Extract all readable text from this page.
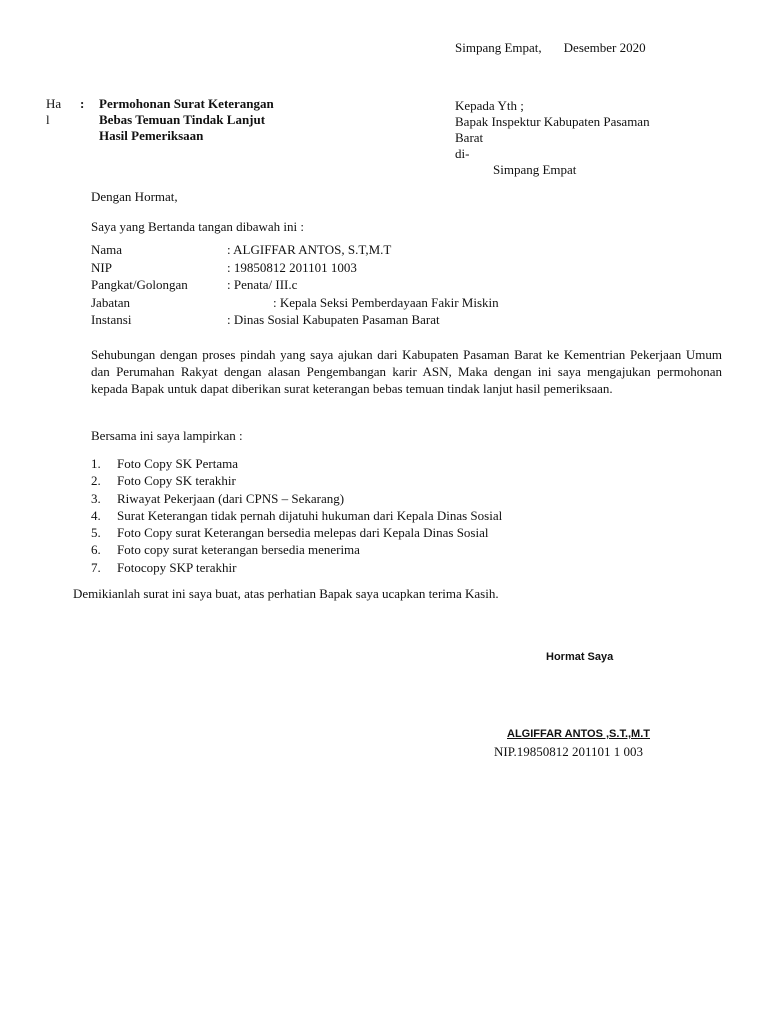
Simpang Empat, Desember 2020
Ha
l
: Permohonan Surat Keterangan
Bebas Temuan Tindak Lanjut
Hasil Pemeriksaan
Kepada Yth ;
Bapak Inspektur Kabupaten Pasaman
Barat
di-
Simpang Empat
Dengan Hormat,
Saya yang Bertanda tangan dibawah ini :
Nama	: ALGIFFAR ANTOS, S.T,M.T
NIP	: 19850812 201101 1003
Pangkat/Golongan	: Penata/ III.c
Jabatan	: Kepala Seksi Pemberdayaan Fakir Miskin
Instansi	: Dinas Sosial Kabupaten Pasaman Barat
Sehubungan dengan proses pindah yang saya ajukan dari Kabupaten Pasaman Barat ke Kementrian Pekerjaan Umum dan Perumahan Rakyat dengan alasan Pengembangan karir ASN, Maka dengan ini saya mengajukan permohonan kepada Bapak untuk dapat diberikan surat keterangan bebas temuan tindak lanjut hasil pemeriksaan.
Bersama ini saya lampirkan :
1. Foto Copy SK Pertama
2. Foto Copy SK terakhir
3. Riwayat Pekerjaan (dari CPNS – Sekarang)
4. Surat Keterangan tidak pernah dijatuhi hukuman dari Kepala Dinas Sosial
5. Foto Copy surat Keterangan bersedia melepas dari Kepala Dinas Sosial
6. Foto copy surat keterangan bersedia menerima
7. Fotocopy SKP terakhir
Demikianlah surat ini saya buat, atas perhatian Bapak saya ucapkan terima Kasih.
Hormat Saya
ALGIFFAR ANTOS ,S.T.,M.T
NIP.19850812 201101 1 003
